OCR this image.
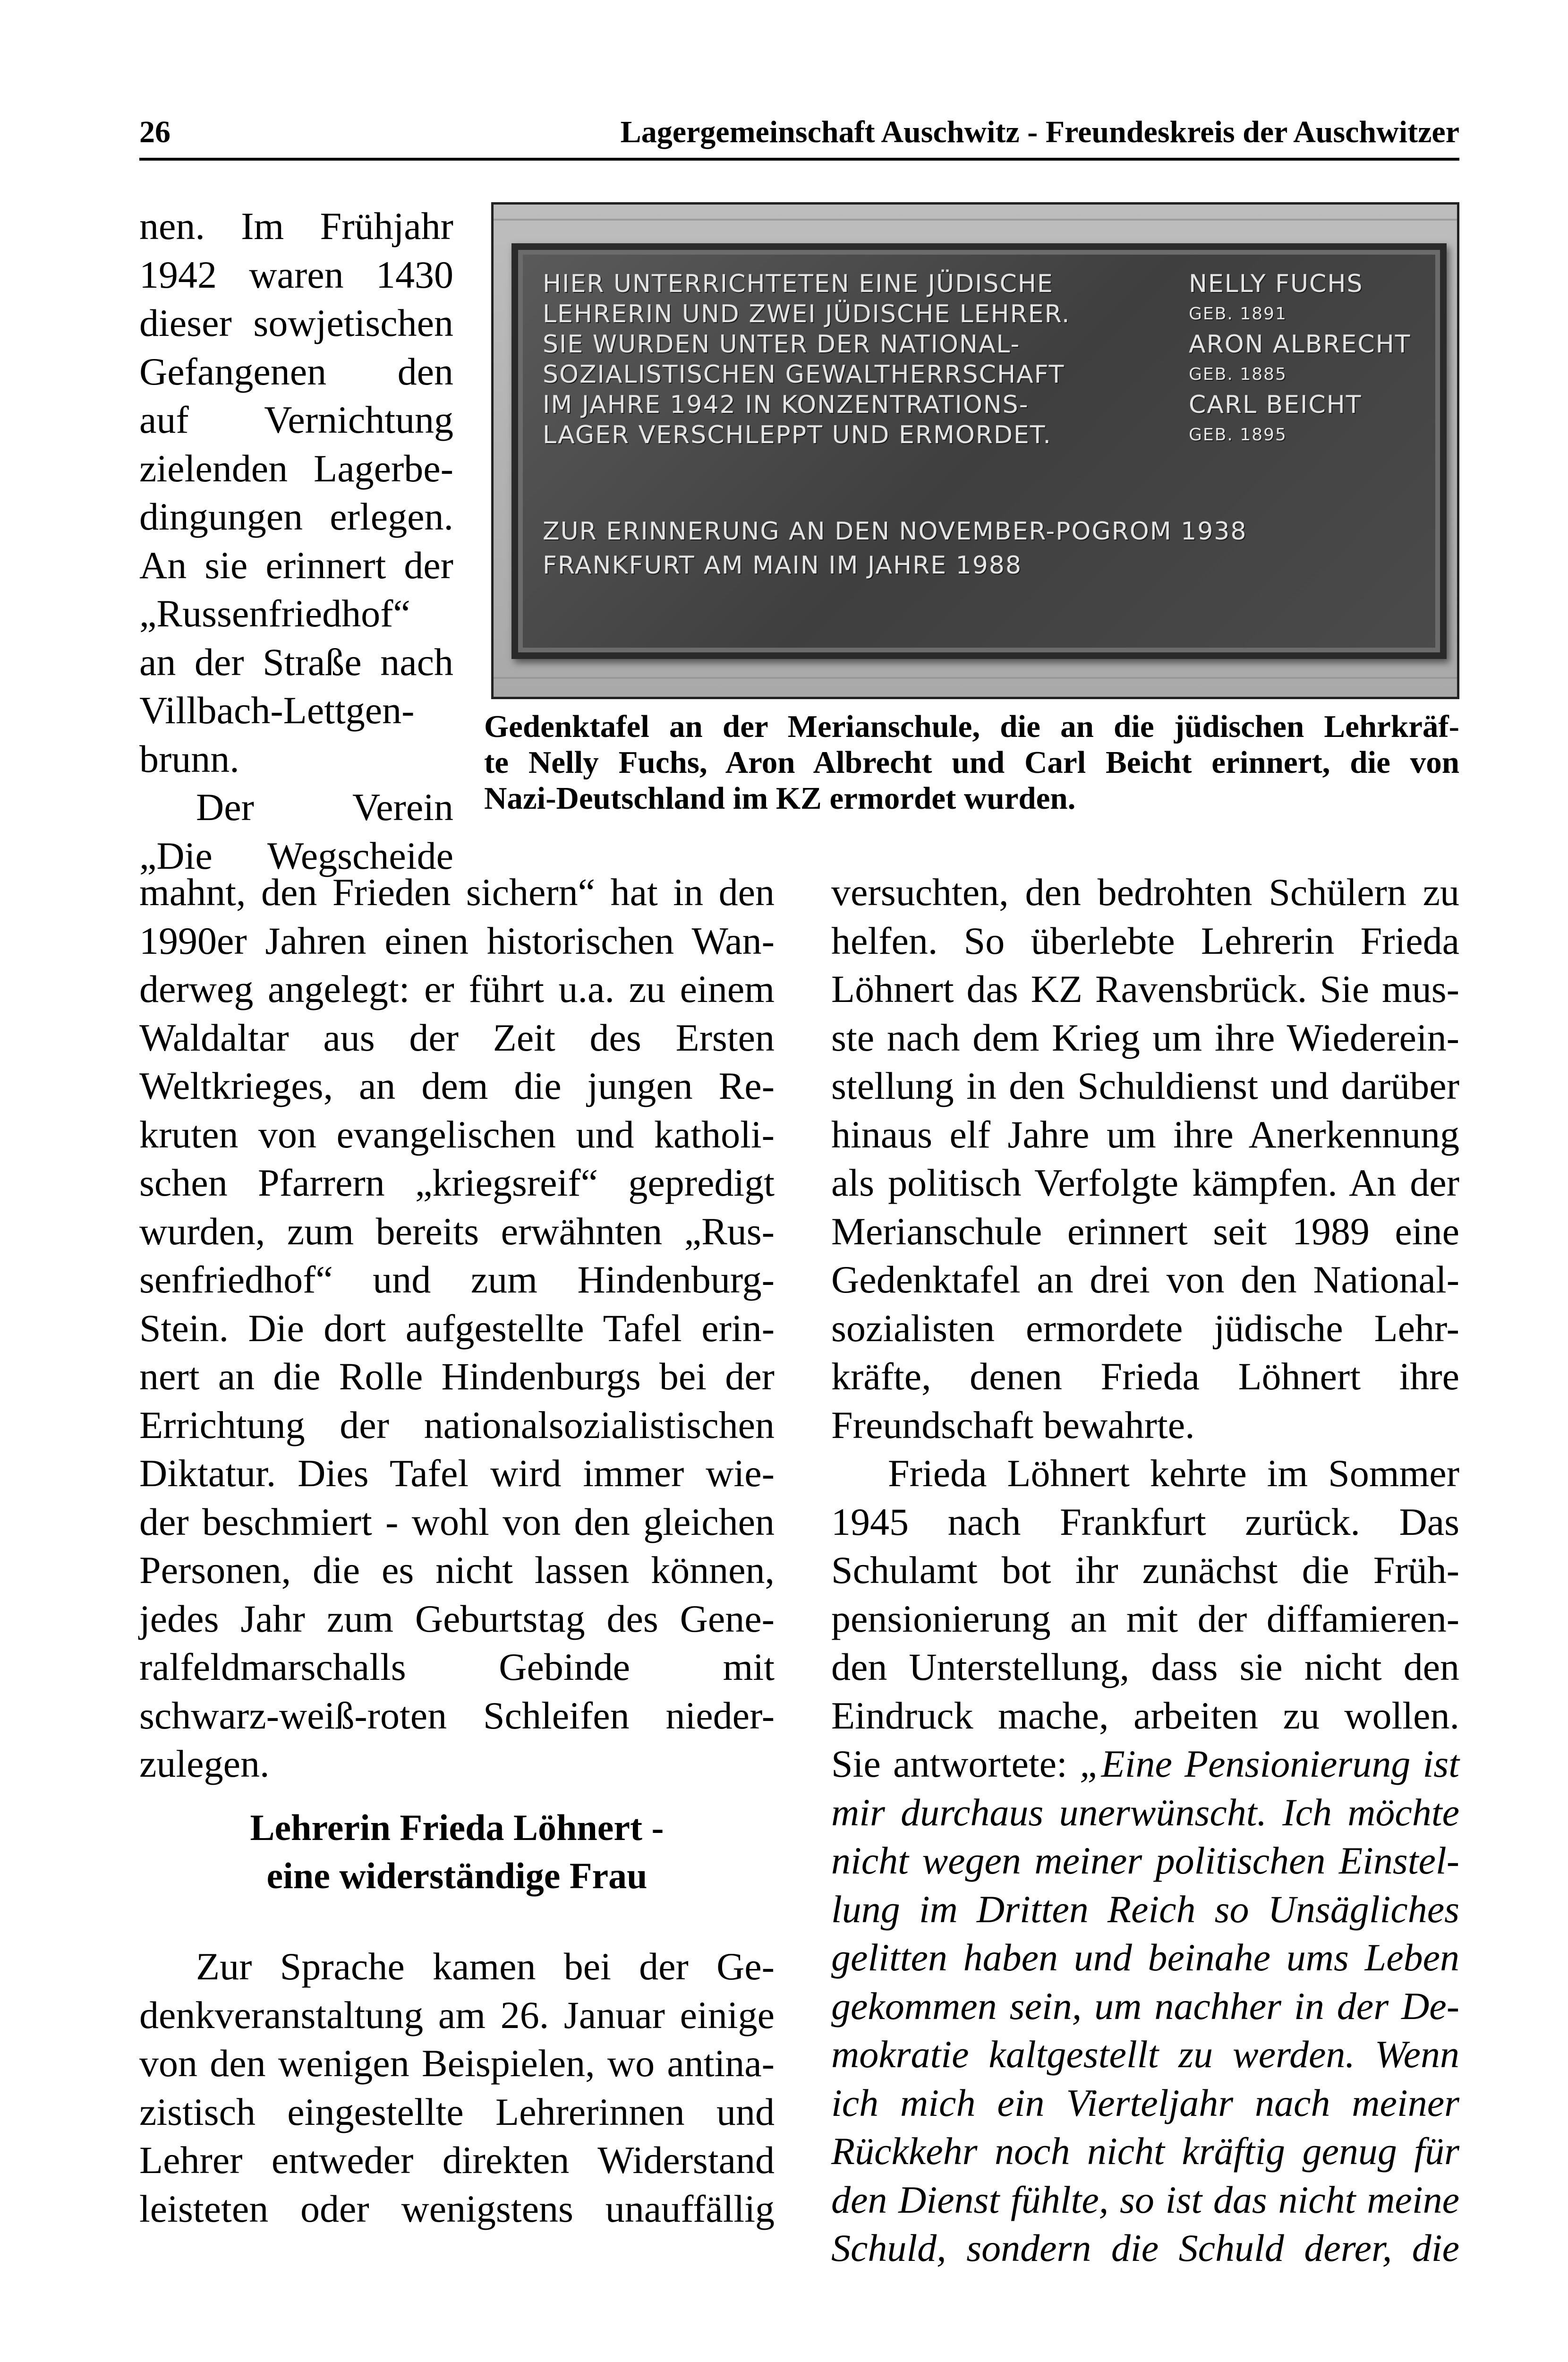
26	Lagergemeinschaft Auschwitz - Freundeskreis der Auschwitzer

nen. Im Frühjahr

1942 waren 1430

dieser sowjetischen

Gefangenen den

auf Vernichtung

zielenden Lagerbe-

dingungen erlegen.

An sie erinnert der

„Russenfriedhof“

an der Straße nach

Villbach-Lettgen-

brunn.

Der Verein

„Die Wegscheide

HIER UNTERRICHTETEN EINE JÜDISCHE
LEHRERIN UND ZWEI JÜDISCHE LEHRER.
SIE WURDEN UNTER DER NATIONAL-
SOZIALISTISCHEN GEWALTHERRSCHAFT
IM JAHRE 1942 IN KONZENTRATIONS-
LAGER VERSCHLEPPT UND ERMORDET.
NELLY FUCHS
GEB. 1891
ARON ALBRECHT
GEB. 1885
CARL BEICHT
GEB. 1895
ZUR ERINNERUNG AN DEN NOVEMBER-POGROM 1938
FRANKFURT AM MAIN IM JAHRE 1988

Gedenktafel an der Merianschule, die an die jüdischen Lehrkräf-

te Nelly Fuchs, Aron Albrecht und Carl Beicht erinnert, die von

Nazi-Deutschland im KZ ermordet wurden.

mahnt, den Frieden sichern“ hat in den

1990er Jahren einen historischen Wan-

derweg angelegt: er führt u.a. zu einem

Waldaltar aus der Zeit des Ersten

Weltkrieges, an dem die jungen Re-

kruten von evangelischen und katholi-

schen Pfarrern „kriegsreif“ gepredigt

wurden, zum bereits erwähnten „Rus-

senfriedhof“ und zum Hindenburg-

Stein. Die dort aufgestellte Tafel erin-

nert an die Rolle Hindenburgs bei der

Errichtung der nationalsozialistischen

Diktatur. Dies Tafel wird immer wie-

der beschmiert - wohl von den gleichen

Personen, die es nicht lassen können,

jedes Jahr zum Geburtstag des Gene-

ralfeldmarschalls Gebinde mit

schwarz-weiß-roten Schleifen nieder-

zulegen.

Lehrerin Frieda Löhnert -
eine widerständige Frau

Zur Sprache kamen bei der Ge-

denkveranstaltung am 26. Januar einige

von den wenigen Beispielen, wo antina-

zistisch eingestellte Lehrerinnen und

Lehrer entweder direkten Widerstand

leisteten oder wenigstens unauffällig

versuchten, den bedrohten Schülern zu

helfen. So überlebte Lehrerin Frieda

Löhnert das KZ Ravensbrück. Sie mus-

ste nach dem Krieg um ihre Wiederein-

stellung in den Schuldienst und darüber

hinaus elf Jahre um ihre Anerkennung

als politisch Verfolgte kämpfen. An der

Merianschule erinnert seit 1989 eine

Gedenktafel an drei von den National-

sozialisten ermordete jüdische Lehr-

kräfte, denen Frieda Löhnert ihre

Freundschaft bewahrte.

Frieda Löhnert kehrte im Sommer

1945 nach Frankfurt zurück. Das

Schulamt bot ihr zunächst die Früh-

pensionierung an mit der diffamieren-

den Unterstellung, dass sie nicht den

Eindruck mache, arbeiten zu wollen.

Sie antwortete: „Eine Pensionierung ist

mir durchaus unerwünscht. Ich möchte

nicht wegen meiner politischen Einstel-

lung im Dritten Reich so Unsägliches

gelitten haben und beinahe ums Leben

gekommen sein, um nachher in der De-

mokratie kaltgestellt zu werden. Wenn

ich mich ein Vierteljahr nach meiner

Rückkehr noch nicht kräftig genug für

den Dienst fühlte, so ist das nicht meine

Schuld, sondern die Schuld derer, die
